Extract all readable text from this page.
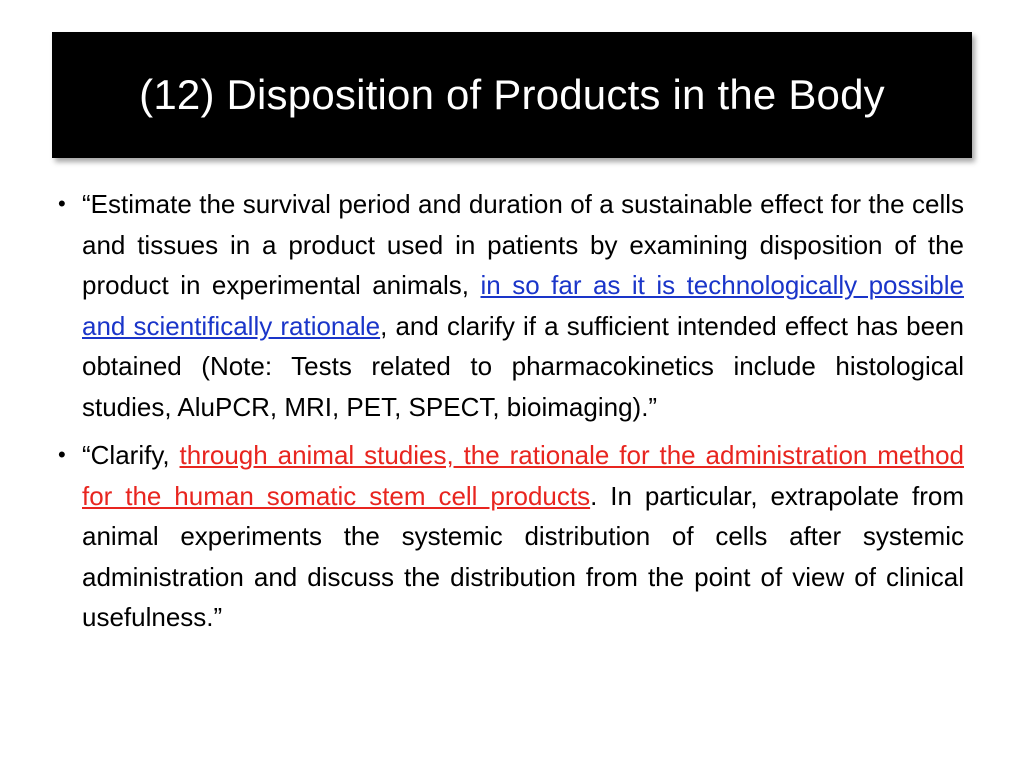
(12) Disposition of Products in the Body

• “Estimate the survival period and duration of a sustainable effect for the cells and tissues in a product used in patients by examining disposition of the product in experimental animals, in so far as it is technologically possible and scientifically rationale, and clarify if a sufficient intended effect has been obtained (Note: Tests related to pharmacokinetics include histological studies, AluPCR, MRI, PET, SPECT, bioimaging).”

• “Clarify, through animal studies, the rationale for the administration method for the human somatic stem cell products. In particular, extrapolate from animal experiments the systemic distribution of cells after systemic administration and discuss the distribution from the point of view of clinical usefulness.”
